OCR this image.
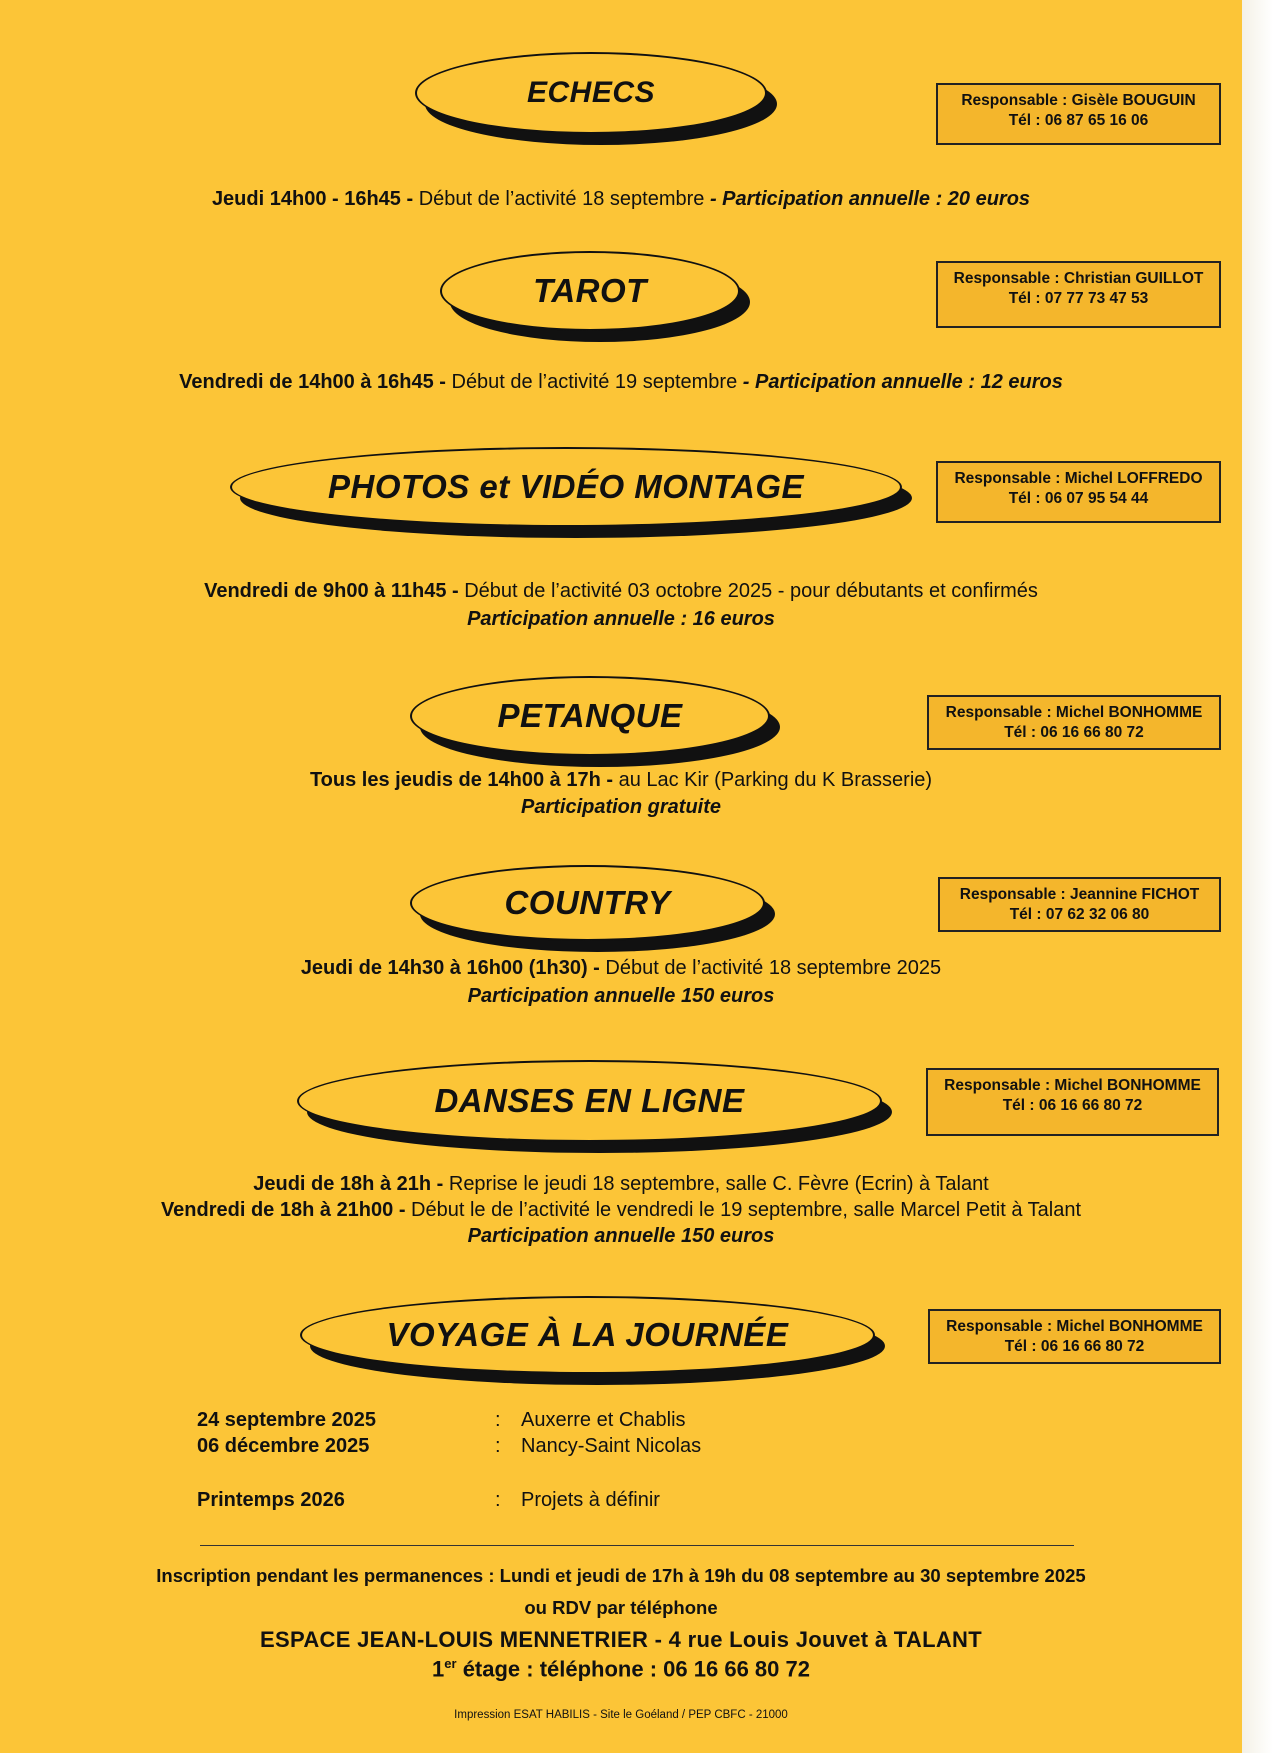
ECHECS	Responsable : Gisèle BOUGUIN
Tél : 06 87 65 16 06
Jeudi 14h00 - 16h45 - Début de l’activité 18 septembre - Participation annuelle : 20 euros
TAROT	Responsable : Christian GUILLOT
Tél : 07 77 73 47 53
Vendredi de 14h00 à 16h45 - Début de l’activité 19 septembre - Participation annuelle : 12 euros
PHOTOS et VIDÉO MONTAGE	Responsable : Michel LOFFREDO
Tél : 06 07 95 54 44
Vendredi de 9h00 à 11h45 - Début de l’activité 03 octobre 2025 - pour débutants et confirmés
Participation annuelle : 16 euros
PETANQUE	Responsable : Michel BONHOMME
Tél : 06 16 66 80 72
Tous les jeudis de 14h00 à 17h - au Lac Kir (Parking du K Brasserie)
Participation gratuite
COUNTRY	Responsable : Jeannine FICHOT
Tél : 07 62 32 06 80
Jeudi de 14h30 à 16h00 (1h30) - Début de l’activité 18 septembre 2025
Participation annuelle 150 euros
DANSES EN LIGNE	Responsable : Michel BONHOMME
Tél : 06 16 66 80 72
Jeudi de 18h à 21h - Reprise le jeudi 18 septembre, salle C. Fèvre (Ecrin) à Talant
Vendredi de 18h à 21h00 - Début le de l’activité le vendredi le 19 septembre, salle Marcel Petit à Talant
Participation annuelle 150 euros
VOYAGE À LA JOURNÉE	Responsable : Michel BONHOMME
Tél : 06 16 66 80 72
24 septembre 2025	: Auxerre et Chablis
06 décembre 2025	: Nancy-Saint Nicolas
Printemps 2026	: Projets à définir
Inscription pendant les permanences : Lundi et jeudi de 17h à 19h du 08 septembre au 30 septembre 2025
ou RDV par téléphone
ESPACE JEAN-LOUIS MENNETRIER - 4 rue Louis Jouvet à TALANT
1er étage : téléphone : 06 16 66 80 72
Impression ESAT HABILIS - Site le Goéland / PEP CBFC - 21000
